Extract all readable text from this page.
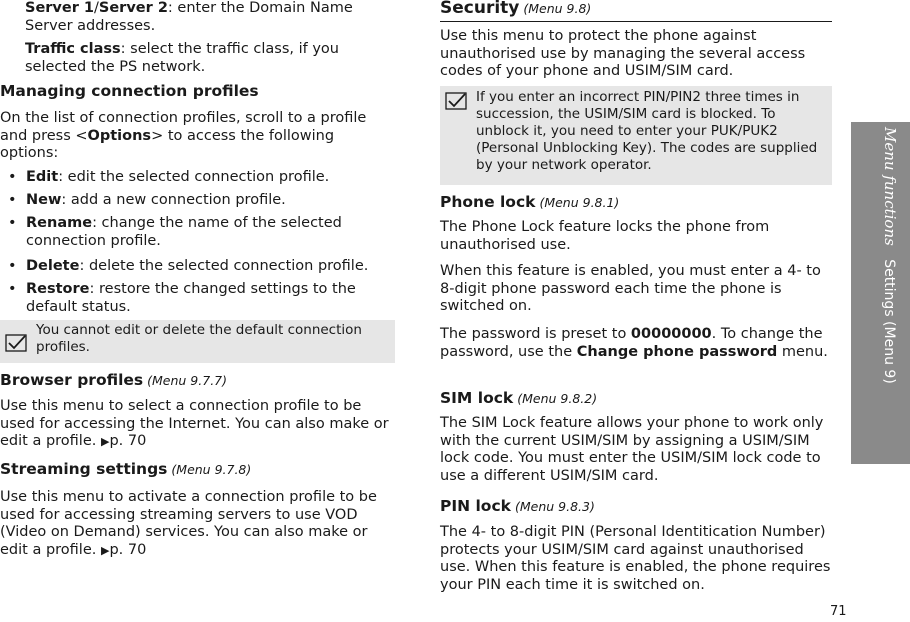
Server 1/Server 2: enter the Domain Name Server addresses.

Traffic class: select the traffic class, if you selected the PS network.

Managing connection profiles

On the list of connection profiles, scroll to a profile and press <Options> to access the following options:

• Edit: edit the selected connection profile.

• New: add a new connection profile.

• Rename: change the name of the selected connection profile.

• Delete: delete the selected connection profile.

• Restore: restore the changed settings to the default status.

You cannot edit or delete the default connection profiles.
Browser profiles (Menu 9.7.7)

Use this menu to select a connection profile to be used for accessing the Internet. You can also make or edit a profile. ▶p. 70

Streaming settings (Menu 9.7.8)

Use this menu to activate a connection profile to be used for accessing streaming servers to use VOD (Video on Demand) services. You can also make or edit a profile. ▶p. 70

Security (Menu 9.8)
Use this menu to protect the phone against unauthorised use by managing the several access codes of your phone and USIM/SIM card.
If you enter an incorrect PIN/PIN2 three times in succession, the USIM/SIM card is blocked. To unblock it, you need to enter your PUK/PUK2 (Personal Unblocking Key). The codes are supplied by your network operator.
Phone lock (Menu 9.8.1)
The Phone Lock feature locks the phone from unauthorised use.
When this feature is enabled, you must enter a 4- to 8-digit phone password each time the phone is switched on.

The password is preset to 00000000. To change the password, use the Change phone password menu.

SIM lock (Menu 9.8.2)
The SIM Lock feature allows your phone to work only with the current USIM/SIM by assigning a USIM/SIM lock code. You must enter the USIM/SIM lock code to use a different USIM/SIM card.
PIN lock (Menu 9.8.3)
The 4- to 8-digit PIN (Personal Identitication Number) protects your USIM/SIM card against unauthorised use. When this feature is enabled, the phone requires your PIN each time it is switched on.
Menu functions   Settings (Menu 9)
71
